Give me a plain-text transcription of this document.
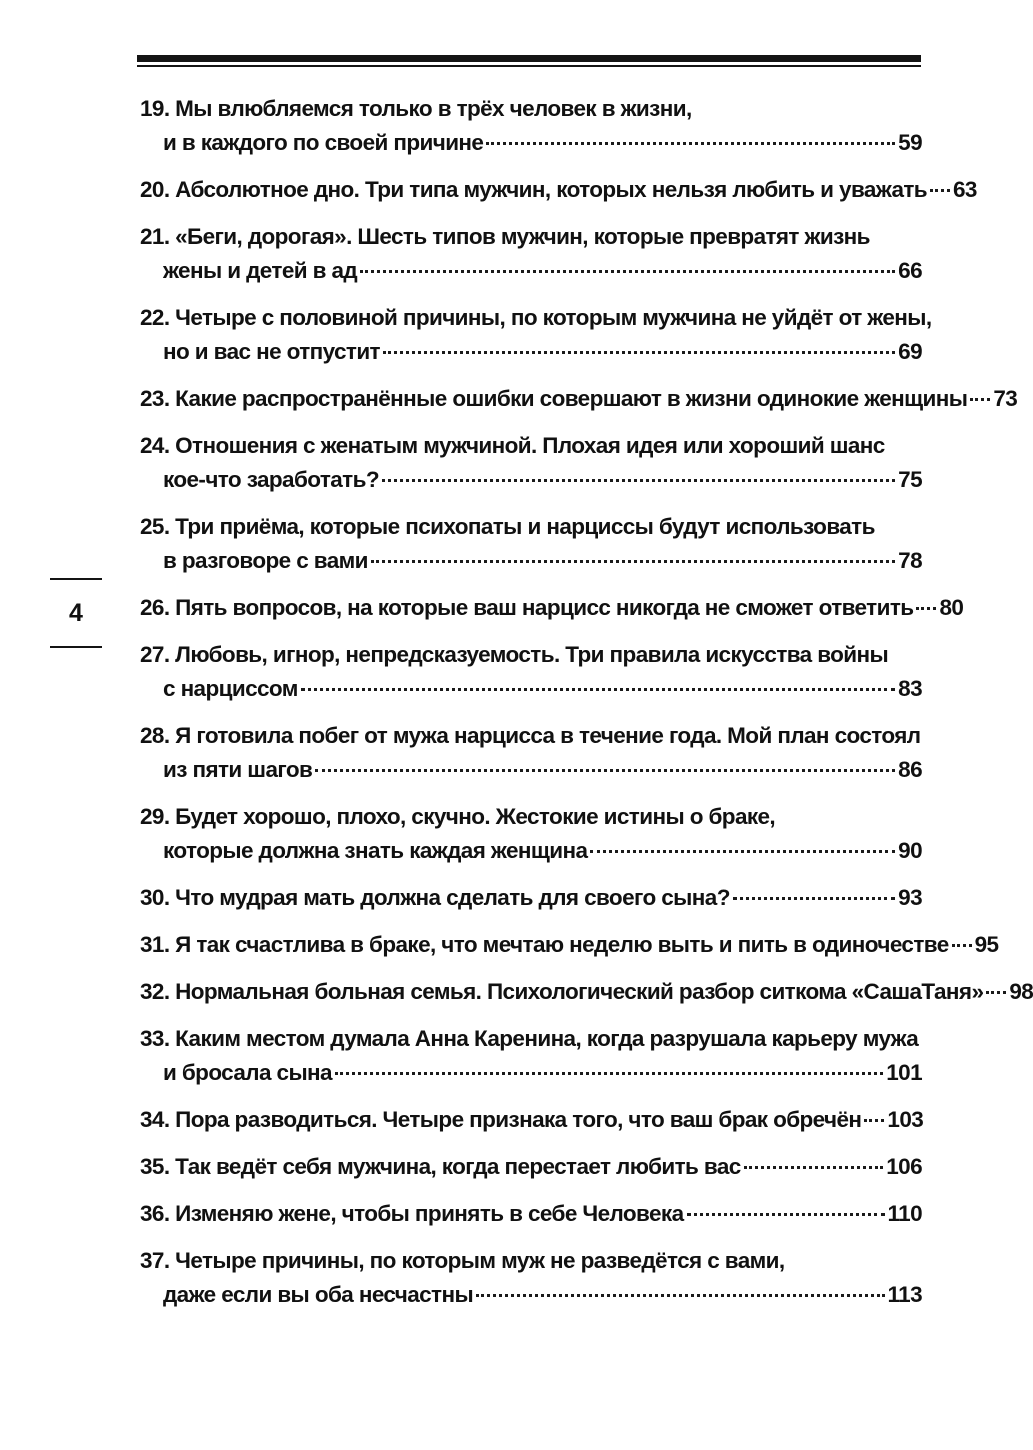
4
19. Мы влюбляемся только в трёх человек в жизни,
и в каждого по своей причине	59
20. Абсолютное дно. Три типа мужчин, которых нельзя любить и уважать 63
21. «Беги, дорогая». Шесть типов мужчин, которые превратят жизнь
жены и детей в ад	66
22. Четыре с половиной причины, по которым мужчина не уйдёт от жены,
но и вас не отпустит	69
23. Какие распространённые ошибки совершают в жизни одинокие женщины 73
24. Отношения с женатым мужчиной. Плохая идея или хороший шанс
кое-что заработать?	75
25. Три приёма, которые психопаты и нарциссы будут использовать
в разговоре с вами	78
26. Пять вопросов, на которые ваш нарцисс никогда не сможет ответить 80
27. Любовь, игнор, непредсказуемость. Три правила искусства войны
с нарциссом	83
28. Я готовила побег от мужа нарцисса в течение года. Мой план состоял
из пяти шагов	86
29. Будет хорошо, плохо, скучно. Жестокие истины о браке,
которые должна знать каждая женщина	90
30. Что мудрая мать должна сделать для своего сына?	93
31. Я так счастлива в браке, что мечтаю неделю выть и пить в одиночестве 95
32. Нормальная больная семья. Психологический разбор ситкома «СашаТаня» 98
33. Каким местом думала Анна Каренина, когда разрушала карьеру мужа
и бросала сына	101
34. Пора разводиться. Четыре признака того, что ваш брак обречён 103
35. Так ведёт себя мужчина, когда перестает любить вас	106
36. Изменяю жене, чтобы принять в себе Человека	110
37. Четыре причины, по которым муж не разведётся с вами,
даже если вы оба несчастны	113
